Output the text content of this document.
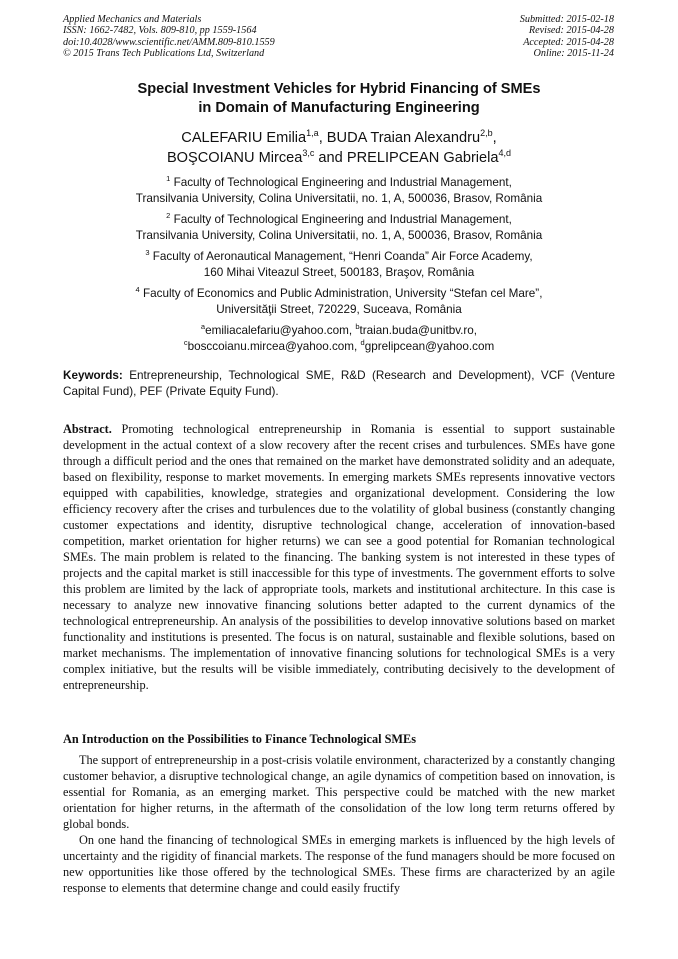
Applied Mechanics and Materials
ISSN: 1662-7482, Vols. 809-810, pp 1559-1564
doi:10.4028/www.scientific.net/AMM.809-810.1559
© 2015 Trans Tech Publications Ltd, Switzerland
Submitted: 2015-02-18
Revised: 2015-04-28
Accepted: 2015-04-28
Online: 2015-11-24
Special Investment Vehicles for Hybrid Financing of SMEs
in Domain of Manufacturing Engineering
CALEFARIU Emilia$^{1,a}$, BUDA Traian Alexandru$^{2,b}$,
BOŞCOIANU Mircea$^{3,c}$ and PRELIPCEAN Gabriela$^{4,d}$
$^1$ Faculty of Technological Engineering and Industrial Management,
Transilvania University, Colina Universitatii, no. 1, A, 500036, Brasov, România
$^2$ Faculty of Technological Engineering and Industrial Management,
Transilvania University, Colina Universitatii, no. 1, A, 500036, Brasov, România
$^3$ Faculty of Aeronautical Management, “Henri Coanda” Air Force Academy,
160 Mihai Viteazul Street, 500183, Braşov, România
$^4$ Faculty of Economics and Public Administration, University “Stefan cel Mare”,
Universităţii Street, 720229, Suceava, România
$^a$emiliacalefariu@yahoo.com, $^b$traian.buda@unitbv.ro,
$^c$bosccoianu.mircea@yahoo.com, $^d$gprelipcean@yahoo.com
Keywords: Entrepreneurship, Technological SME, R&D (Research and Development), VCF (Venture Capital Fund), PEF (Private Equity Fund).
Abstract. Promoting technological entrepreneurship in Romania is essential to support sustainable development in the actual context of a slow recovery after the recent crises and turbulences. SMEs have gone through a difficult period and the ones that remained on the market have demonstrated solidity and an adequate, based on flexibility, response to market movements. In emerging markets SMEs represents innovative vectors equipped with capabilities, knowledge, strategies and organizational development. Considering the low efficiency recovery after the crises and turbulences due to the volatility of global business (constantly changing customer expectations and identity, disruptive technological change, acceleration of innovation-based competition, market orientation for higher returns) we can see a good potential for Romanian technological SMEs. The main problem is related to the financing. The banking system is not interested in these types of projects and the capital market is still inaccessible for this type of investments. The government efforts to solve this problem are limited by the lack of appropriate tools, markets and institutional architecture. In this case is necessary to analyze new innovative financing solutions better adapted to the current dynamics of the technological entrepreneurship. An analysis of the possibilities to develop innovative solutions based on market functionality and institutions is presented. The focus is on natural, sustainable and flexible solutions, based on market mechanisms. The implementation of innovative financing solutions for technological SMEs is a very complex initiative, but the results will be visible immediately, contributing decisively to the development of entrepreneurship.
An Introduction on the Possibilities to Finance Technological SMEs

The support of entrepreneurship in a post-crisis volatile environment, characterized by a constantly changing customer behavior, a disruptive technological change, an agile dynamics of competition based on innovation, is essential for Romania, as an emerging market. This perspective could be matched with the new market orientation for higher returns, in the aftermath of the consolidation of the low long term returns offered by global bonds.

On one hand the financing of technological SMEs in emerging markets is influenced by the high levels of uncertainty and the rigidity of financial markets. The response of the fund managers should be more focused on new opportunities like those offered by the technological SMEs. These firms are characterized by an agile response to elements that determine change and could easily fructify
